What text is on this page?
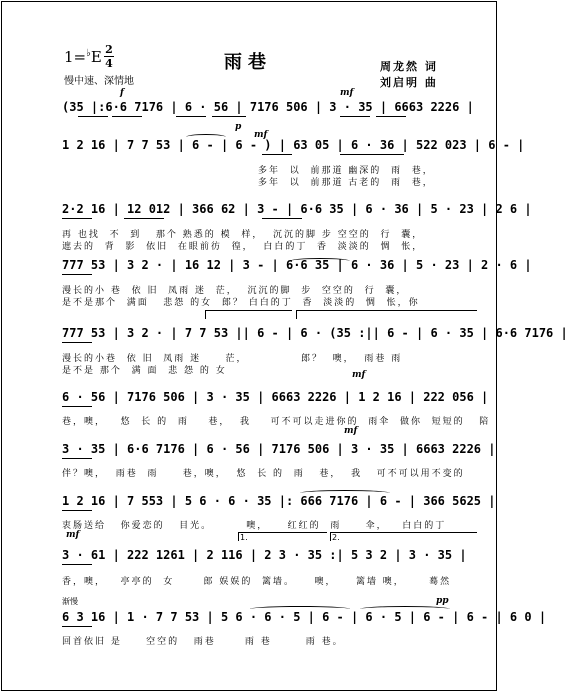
1=♭E 2
4	雨巷	周龙然 词
刘启明 曲
慢中速、深情地
f	mf
p
mf
mf
mf
mf
pp
(35 |:6·6 7176 | 6 · 56 | 7176 506 | 3 · 35 | 6663 2226 |
1 2 16 | 7 7 53 | 6 - | 6 - ) | 63 05 | 6 · 36 | 522 023 | 6 - |
多年  以  前那道 幽深的  雨  巷，
多年  以  前那道 古老的  雨  巷，
2·2 16 | 12 012 | 366 62 | 3 - | 6·6 35 | 6 · 36 | 5 · 23 | 2 6 |
再 也找  不  到   那个 熟悉的 模  样，  沉沉的脚 步 空空的  行  囊，
遮去的  背  影  依旧  在眼前彷  徨，  白白的丁  香  淡淡的  惆  怅，
777 53 | 3 2 · | 16 12 | 3 - | 6·6 35 | 6 · 36 | 5 · 23 | 2 · 6 |
漫长的小 巷  依 旧  凤雨 迷  茫，  沉沉的脚  步  空空的  行  囊，
是不是那个  满面   悲怨 的女  郎？ 白白的丁  香  淡淡的  惆  怅，你
777 53 | 3 2 · | 7 7 53 || 6 - | 6 · (35 :|| 6 - | 6 · 35 | 6·6 7176 |
漫长的小巷  依 旧  凤雨 迷     茫，           郎？  噢，  雨巷 雨
是不是 那个  满 面  悲 怨 的 女
6 · 56 | 7176 506 | 3 · 35 | 6663 2226 | 1 2 16 | 222 056 |
巷，噢，   悠  长 的  雨    巷，  我    可不可以走进你的  雨伞  做你  短短的   陪
3 · 35 | 6·6 7176 | 6 · 56 | 7176 506 | 3 · 35 | 6663 2226 |
伴？噢，  雨巷  雨     巷，噢，  悠  长 的  雨   巷，  我   可不可以用不变的
1 2 16 | 7 553 | 5 6 · 6 · 35 |: 666 7176 | 6 - | 366 5625 |
衷肠送给   你爱恋的   目光。       噢，    红红的  雨     伞，   白白的丁
1.	2.
3 · 61 | 222 1261 | 2 116 | 2 3 · 35 :| 5 3 2 | 3 · 35 |
香，噢，   亭亭的  女      郎 娱娱的  篱墙。    噢，    篱墙 噢，     蓦然
渐慢
6 3 16 | 1 · 7 7 53 | 5 6 · 6 · 5 | 6 - | 6 · 5 | 6 - | 6 - | 6 0 |
回首依旧 是     空空的   雨巷      雨 巷       雨 巷。
